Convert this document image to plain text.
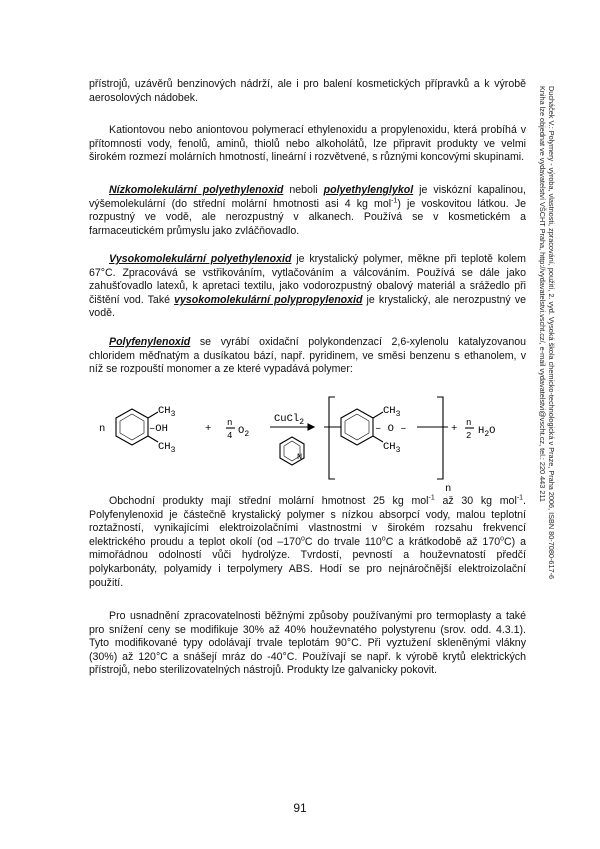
Ducháček V.: Polymery - výroba, vlastnosti, zpracování, použití, 2. vyd. Vysoká škola chemicko-technologická v Praze, Praha 2006, ISBN 80-7080-617-6
Kniha lze objednat ve vydavatelství VŠCHT Praha, http://vydavatelstvi.vscht.cz/, e-mail vydavatelstvi@vscht.cz, tel.: 220 443 211

přístrojů, uzávěrů benzinových nádrží, ale i pro balení kosmetických přípravků a k výrobě aerosolových nádobek.

Kationtovou nebo aniontovou polymerací ethylenoxidu a propylenoxidu, která probíhá v přítomnosti vody, fenolů, aminů, thiolů nebo alkoholátů, lze připravit produkty ve velmi širokém rozmezí molárních hmotností, lineární i rozvětvené, s různými koncovými skupinami.

Nízkomolekulární polyethylenoxid neboli polyethylenglykol je viskózní kapalinou, výšemolekulární (do střední molární hmotnosti asi 4 kg mol$^{-1}$) je voskovitou látkou. Je rozpustný ve vodě, ale nerozpustný v alkanech. Používá se v kosmetickém a farmaceutickém průmyslu jako zvláčňovadlo.

Vysokomolekulární polyethylenoxid je krystalický polymer, měkne při teplotě kolem 67°C. Zpracovává se vstřikováním, vytlačováním a válcováním. Používá se dále jako zahušťovadlo latexů, k apretaci textilu, jako vodorozpustný obalový materiál a srážedlo při čištění vod. Také vysokomolekulární polypropylenoxid je krystalický, ale nerozpustný ve vodě.

Polyfenylenoxid se vyrábí oxidační polykondenzací 2,6-xylenolu katalyzovanou chloridem měďnatým a dusíkatou bází, např. pyridinem, ve směsi benzenu s ethanolem, v níž se rozpouští monomer a ze které vypadává polymer:

n
$CH_3$
–OH
$CH_3$
+ n
4 $O_2$
CuCl$_2$
N
$CH_3$
– O –
$CH_3$
n
+ n
2 $H_2O$

Obchodní produkty mají střední molární hmotnost 25 kg mol$^{-1}$ až 30 kg mol$^{-1}$. Polyfenylenoxid je částečně krystalický polymer s nízkou absorpcí vody, malou teplotní roztažností, vynikajícími elektroizolačními vlastnostmi v širokém rozsahu frekvencí elektrického proudu a teplot okolí (od –170$^o$C do trvale 110$^o$C a krátkodobě až 170$^o$C) a mimořádnou odolností vůči hydrolýze. Tvrdostí, pevností a houževnatostí předčí polykarbonáty, polyamidy i terpolymery ABS. Hodí se pro nejnáročnější elektroizolační použití.

Pro usnadnění zpracovatelnosti běžnými způsoby používanými pro termoplasty a také pro snížení ceny se modifikuje 30% až 40% houževnatého polystyrenu (srov. odd. 4.3.1). Tyto modifikované typy odolávají trvale teplotám 90°C. Při vyztužení skleněnými vlákny (30%) až 120°C a snášejí mráz do -40°C. Používají se např. k výrobě krytů elektrických přístrojů, nebo sterilizovatelných nástrojů. Produkty lze galvanicky pokovit.

91
